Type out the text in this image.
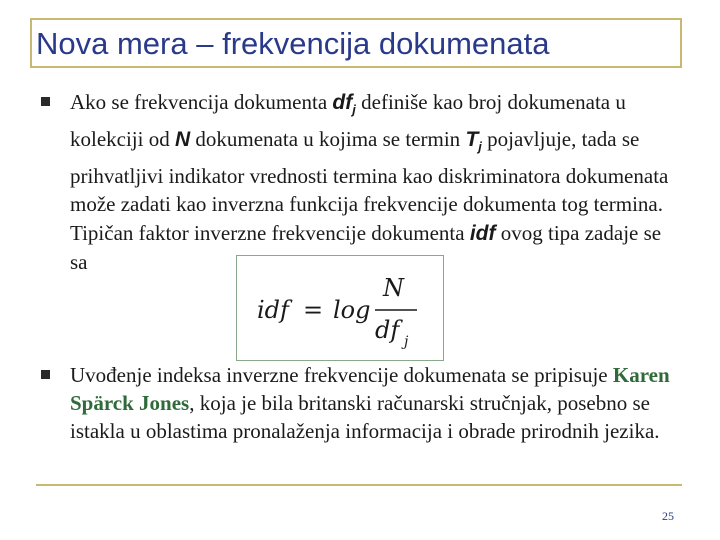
Nova mera – frekvencija dokumenata
Ako se frekvencija dokumenta $df_j$ definiše kao broj dokumenata u kolekciji od N dokumenata u kojima se termin $T_j$ pojavljuje, tada se prihvatljivi indikator vrednosti termina kao diskriminatora dokumenata može zadati kao inverzna funkcija frekvencije dokumenta tog termina. Tipičan faktor inverzne frekvencije dokumenta idf ovog tipa zadaje se sa
idf = log
N
df j
Uvođenje indeksa inverzne frekvencije dokumenata se pripisuje Karen Spärck Jones, koja je bila britanski računarski stručnjak, posebno se istakla u oblastima pronalaženja informacija i obrade prirodnih jezika.
25
